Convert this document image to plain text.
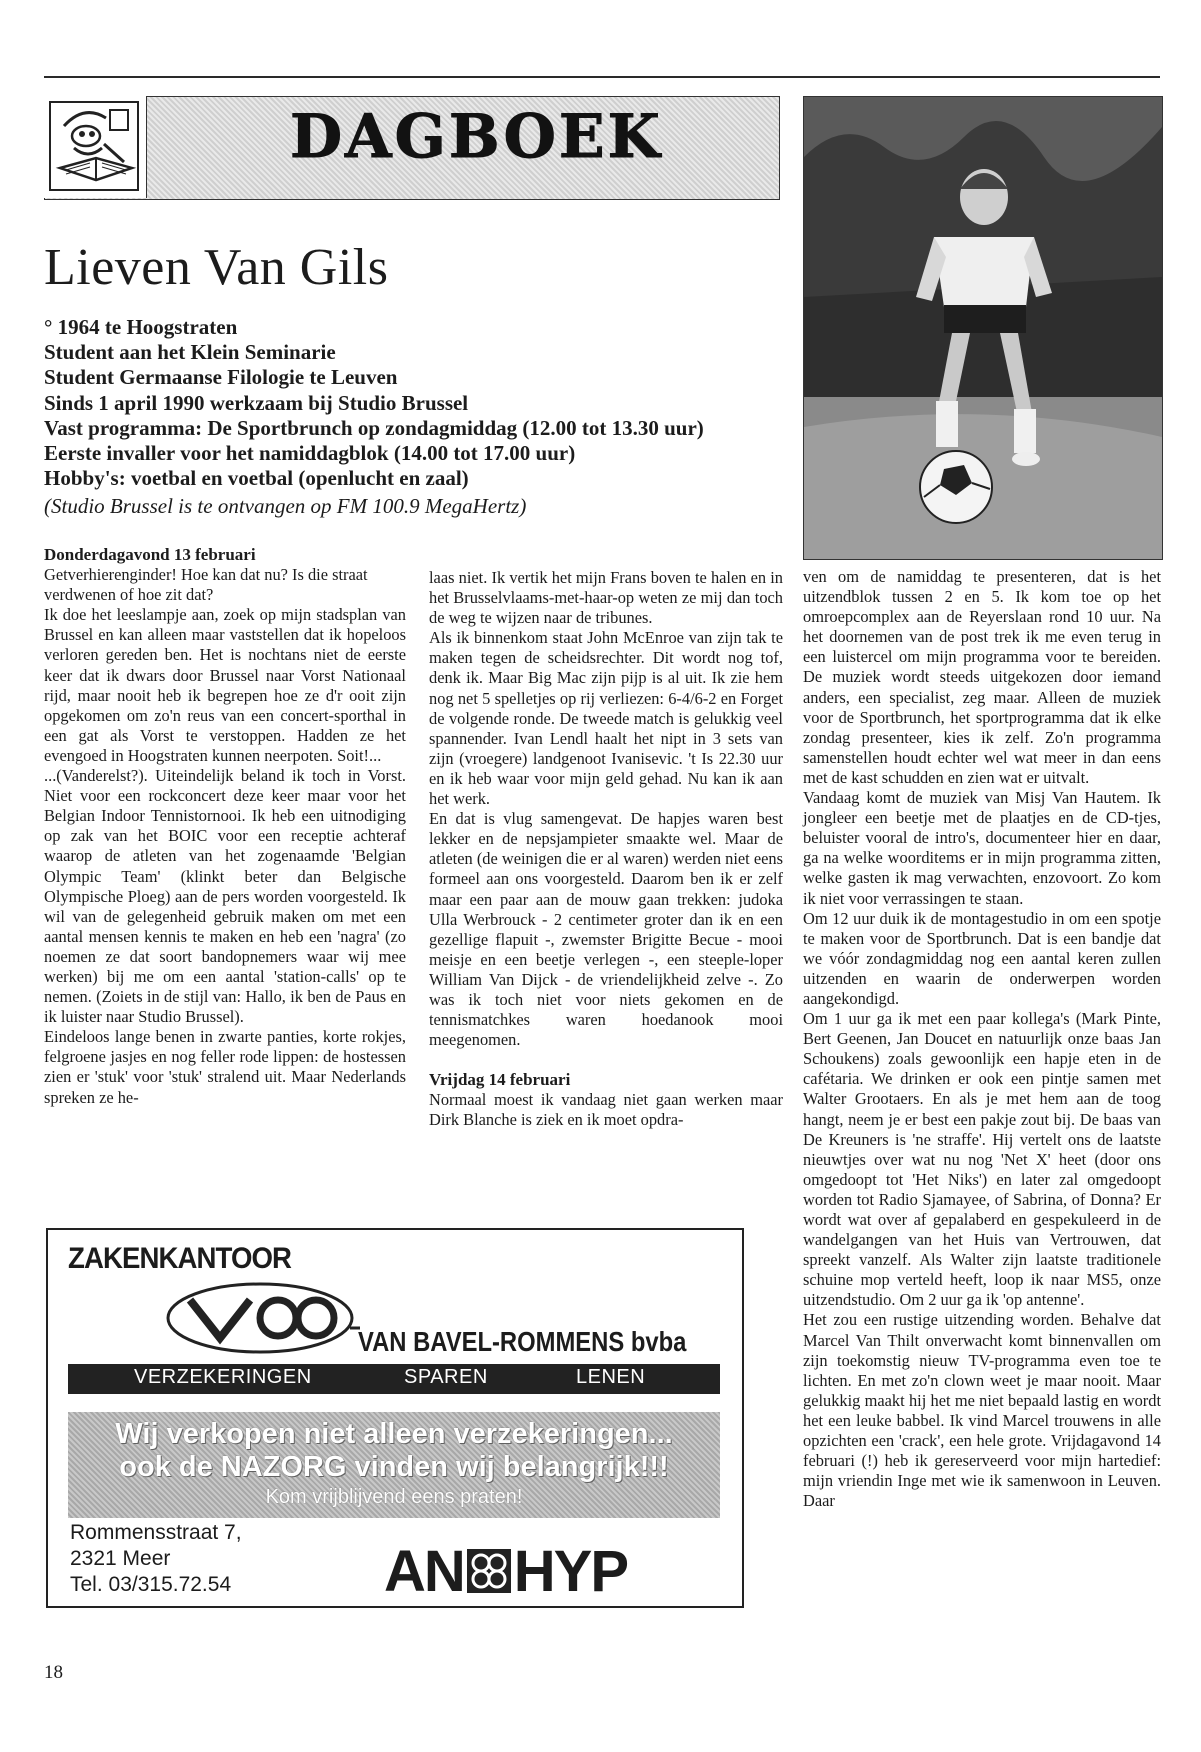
DAGBOEK
Lieven Van Gils
° 1964 te Hoogstraten
Student aan het Klein Seminarie
Student Germaanse Filologie te Leuven
Sinds 1 april 1990 werkzaam bij Studio Brussel
Vast programma: De Sportbrunch op zondagmiddag (12.00 tot 13.30 uur)
Eerste invaller voor het namiddagblok (14.00 tot 17.00 uur)
Hobby's: voetbal en voetbal (openlucht en zaal)
(Studio Brussel is te ontvangen op FM 100.9 MegaHertz)

Donderdagavond 13 februari

Getverhierenginder! Hoe kan dat nu? Is die straat verdwenen of hoe zit dat?

Ik doe het leeslampje aan, zoek op mijn stadsplan van Brussel en kan alleen maar vaststellen dat ik hopeloos verloren gereden ben. Het is nochtans niet de eerste keer dat ik dwars door Brussel naar Vorst Nationaal rijd, maar nooit heb ik begrepen hoe ze d'r ooit zijn opgekomen om zo'n reus van een concert-sporthal in een gat als Vorst te verstoppen. Hadden ze het evengoed in Hoogstraten kunnen neerpoten. Soit!...

...(Vanderelst?). Uiteindelijk beland ik toch in Vorst. Niet voor een rockconcert deze keer maar voor het Belgian Indoor Tennistornooi. Ik heb een uitnodiging op zak van het BOIC voor een receptie achteraf waarop de atleten van het zogenaamde 'Belgian Olympic Team' (klinkt beter dan Belgische Olympische Ploeg) aan de pers worden voorgesteld. Ik wil van de gelegenheid gebruik maken om met een aantal mensen kennis te maken en heb een 'nagra' (zo noemen ze dat soort bandopnemers waar wij mee werken) bij me om een aantal 'station-calls' op te nemen. (Zoiets in de stijl van: Hallo, ik ben de Paus en ik luister naar Studio Brussel).

Eindeloos lange benen in zwarte panties, korte rokjes, felgroene jasjes en nog feller rode lippen: de hostessen zien er 'stuk' voor 'stuk' stralend uit. Maar Nederlands spreken ze he-

laas niet. Ik vertik het mijn Frans boven te halen en in het Brusselvlaams-met-haar-op weten ze mij dan toch de weg te wijzen naar de tribunes.

Als ik binnenkom staat John McEnroe van zijn tak te maken tegen de scheidsrechter. Dit wordt nog tof, denk ik. Maar Big Mac zijn pijp is al uit. Ik zie hem nog net 5 spelletjes op rij verliezen: 6-4/6-2 en Forget de volgende ronde. De tweede match is gelukkig veel spannender. Ivan Lendl haalt het nipt in 3 sets van zijn (vroegere) landgenoot Ivanisevic. 't Is 22.30 uur en ik heb waar voor mijn geld gehad. Nu kan ik aan het werk.

En dat is vlug samengevat. De hapjes waren best lekker en de nepsjampieter smaakte wel. Maar de atleten (de weinigen die er al waren) werden niet eens formeel aan ons voorgesteld. Daarom ben ik er zelf maar een paar aan de mouw gaan trekken: judoka Ulla Werbrouck - 2 centimeter groter dan ik en een gezellige flapuit -, zwemster Brigitte Becue - mooi meisje en een beetje verlegen -, een steeple-loper William Van Dijck - de vriendelijkheid zelve -. Zo was ik toch niet voor niets gekomen en de tennismatchkes waren hoedanook mooi meegenomen.

Vrijdag 14 februari

Normaal moest ik vandaag niet gaan werken maar Dirk Blanche is ziek en ik moet opdra-

ven om de namiddag te presenteren, dat is het uitzendblok tussen 2 en 5. Ik kom toe op het omroepcomplex aan de Reyerslaan rond 10 uur. Na het doornemen van de post trek ik me even terug in een luistercel om mijn programma voor te bereiden. De muziek wordt steeds uitgekozen door iemand anders, een specialist, zeg maar. Alleen de muziek voor de Sportbrunch, het sportprogramma dat ik elke zondag presenteer, kies ik zelf. Zo'n programma samenstellen houdt echter wel wat meer in dan eens met de kast schudden en zien wat er uitvalt.

Vandaag komt de muziek van Misj Van Hautem. Ik jongleer een beetje met de plaatjes en de CD-tjes, beluister vooral de intro's, documenteer hier en daar, ga na welke woorditems er in mijn programma zitten, welke gasten ik mag verwachten, enzovoort. Zo kom ik niet voor verrassingen te staan.

Om 12 uur duik ik de montagestudio in om een spotje te maken voor de Sportbrunch. Dat is een bandje dat we vóór zondagmiddag nog een aantal keren zullen uitzenden en waarin de onderwerpen worden aangekondigd.

Om 1 uur ga ik met een paar kollega's (Mark Pinte, Bert Geenen, Jan Doucet en natuurlijk onze baas Jan Schoukens) zoals gewoonlijk een hapje eten in de cafétaria. We drinken er ook een pintje samen met Walter Grootaers. En als je met hem aan de toog hangt, neem je er best een pakje zout bij. De baas van De Kreuners is 'ne straffe'. Hij vertelt ons de laatste nieuwtjes over wat nu nog 'Net X' heet (door ons omgedoopt tot 'Het Niks') en later zal omgedoopt worden tot Radio Sjamayee, of Sabrina, of Donna? Er wordt wat over af gepalaberd en gespekuleerd in de wandelgangen van het Huis van Vertrouwen, dat spreekt vanzelf. Als Walter zijn laatste traditionele schuine mop verteld heeft, loop ik naar MS5, onze uitzendstudio. Om 2 uur ga ik 'op antenne'.

Het zou een rustige uitzending worden. Behalve dat Marcel Van Thilt onverwacht komt binnenvallen om zijn toekomstig nieuw TV-programma even toe te lichten. En met zo'n clown weet je maar nooit. Maar gelukkig maakt hij het me niet bepaald lastig en wordt het een leuke babbel. Ik vind Marcel trouwens in alle opzichten een 'crack', een hele grote. Vrijdagavond 14 februari (!) heb ik gereserveerd voor mijn hartedief: mijn vriendin Inge met wie ik samenwoon in Leuven. Daar

ZAKENKANTOOR
VAN BAVEL-ROMMENS bvba
VERZEKERINGEN	SPAREN	LENEN
Wij verkopen niet alleen verzekeringen...
ook de NAZORG vinden wij belangrijk!!!
Kom vrijblijvend eens praten!
Rommensstraat 7,
2321 Meer
Tel. 03/315.72.54	AN HYP
18
